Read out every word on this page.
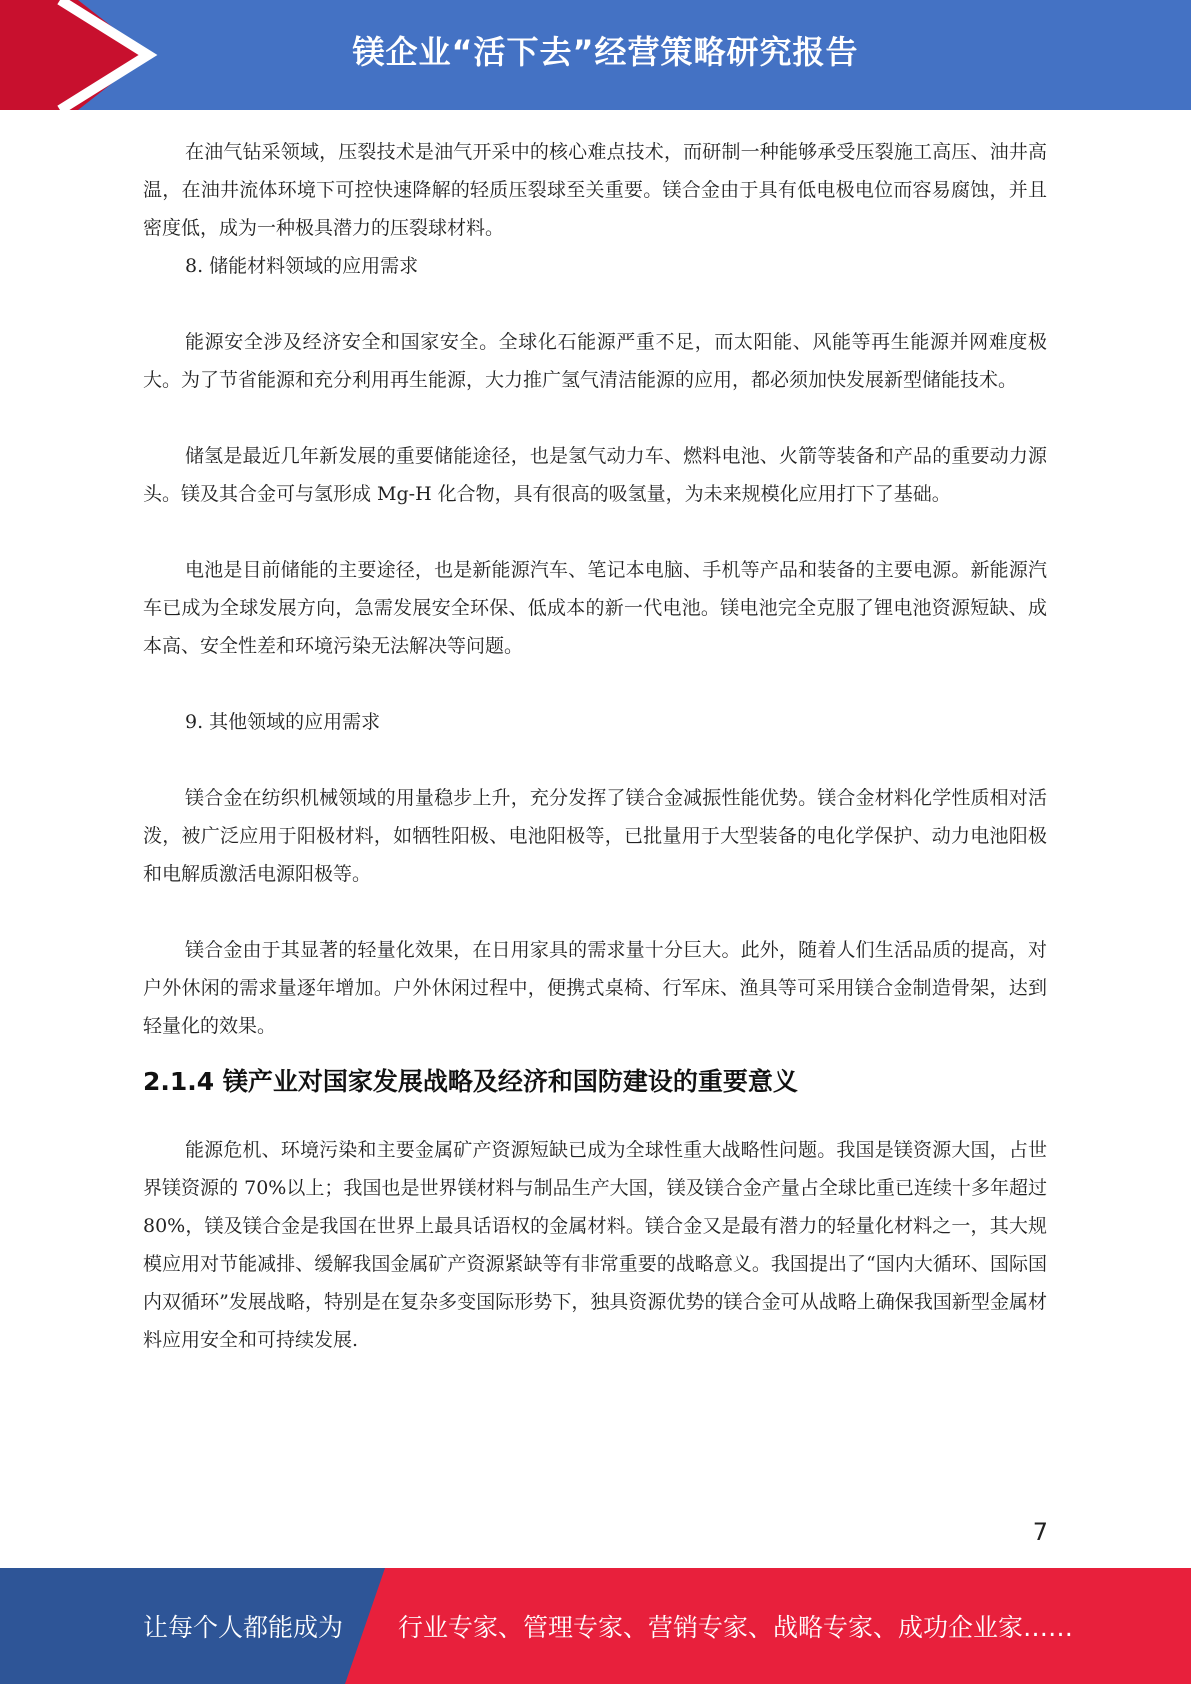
镁企业“活下去”经营策略研究报告

在油气钻采领域，压裂技术是油气开采中的核心难点技术，而研制一种能够承受压裂施工高压、油井高温，在油井流体环境下可控快速降解的轻质压裂球至关重要。镁合金由于具有低电极电位而容易腐蚀，并且密度低，成为一种极具潜力的压裂球材料。

8. 储能材料领域的应用需求

能源安全涉及经济安全和国家安全。全球化石能源严重不足，而太阳能、风能等再生能源并网难度极大。为了节省能源和充分利用再生能源，大力推广氢气清洁能源的应用，都必须加快发展新型储能技术。

储氢是最近几年新发展的重要储能途径，也是氢气动力车、燃料电池、火箭等装备和产品的重要动力源头。镁及其合金可与氢形成 Mg-H 化合物，具有很高的吸氢量，为未来规模化应用打下了基础。

电池是目前储能的主要途径，也是新能源汽车、笔记本电脑、手机等产品和装备的主要电源。新能源汽车已成为全球发展方向，急需发展安全环保、低成本的新一代电池。镁电池完全克服了锂电池资源短缺、成本高、安全性差和环境污染无法解决等问题。

9. 其他领域的应用需求

镁合金在纺织机械领域的用量稳步上升，充分发挥了镁合金减振性能优势。镁合金材料化学性质相对活泼，被广泛应用于阳极材料，如牺牲阳极、电池阳极等，已批量用于大型装备的电化学保护、动力电池阳极和电解质激活电源阳极等。

镁合金由于其显著的轻量化效果，在日用家具的需求量十分巨大。此外，随着人们生活品质的提高，对户外休闲的需求量逐年增加。户外休闲过程中，便携式桌椅、行军床、渔具等可采用镁合金制造骨架，达到轻量化的效果。

2.1.4 镁产业对国家发展战略及经济和国防建设的重要意义

能源危机、环境污染和主要金属矿产资源短缺已成为全球性重大战略性问题。我国是镁资源大国，占世界镁资源的 70%以上；我国也是世界镁材料与制品生产大国，镁及镁合金产量占全球比重已连续十多年超过 80%，镁及镁合金是我国在世界上最具话语权的金属材料。镁合金又是最有潜力的轻量化材料之一，其大规模应用对节能减排、缓解我国金属矿产资源紧缺等有非常重要的战略意义。我国提出了“国内大循环、国际国内双循环”发展战略，特别是在复杂多变国际形势下，独具资源优势的镁合金可从战略上确保我国新型金属材料应用安全和可持续发展.

7
让每个人都能成为 行业专家、管理专家、营销专家、战略专家、成功企业家……
